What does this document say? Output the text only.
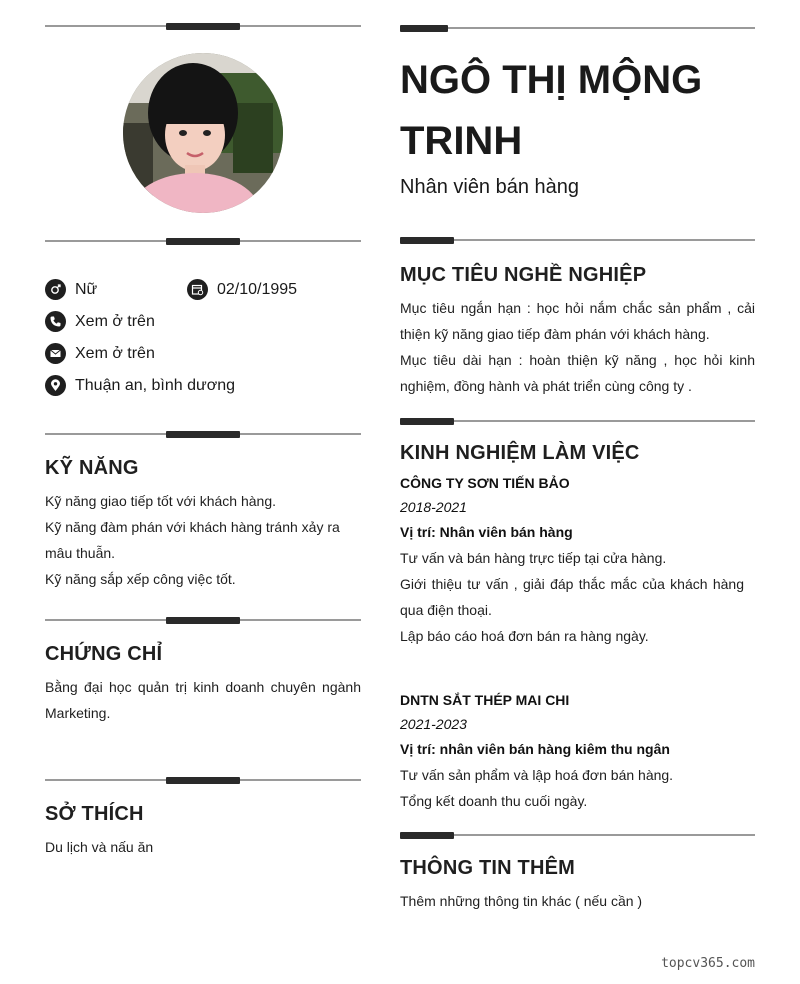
Nữ	02/10/1995
Xem ở trên
Xem ở trên
Thuận an, bình dương
KỸ NĂNG

Kỹ năng giao tiếp tốt với khách hàng.

Kỹ năng đàm phán với khách hàng tránh xảy ra mâu thuẫn.

Kỹ năng sắp xếp công việc tốt.

CHỨNG CHỈ

Bằng đại học quản trị kinh doanh chuyên ngành Marketing.

SỞ THÍCH

Du lịch và nấu ăn

NGÔ THỊ MỘNG
TRINH
Nhân viên bán hàng
MỤC TIÊU NGHỀ NGHIỆP

Mục tiêu ngắn hạn : học hỏi nắm chắc sản phẩm , cải thiện kỹ năng giao tiếp đàm phán với khách hàng.

Mục tiêu dài hạn : hoàn thiện kỹ năng , học hỏi kinh nghiệm, đồng hành và phát triển cùng công ty .

KINH NGHIỆM LÀM VIỆC
CÔNG TY SƠN TIẾN BẢO
2018-2021
Vị trí: Nhân viên bán hàng

Tư vấn và bán hàng trực tiếp tại cửa hàng.

Giới thiệu tư vấn , giải đáp thắc mắc của khách hàng qua điện thoại.

Lập báo cáo hoá đơn bán ra hàng ngày.

DNTN SẮT THÉP MAI CHI
2021-2023
Vị trí: nhân viên bán hàng kiêm thu ngân

Tư vấn sản phẩm và lập hoá đơn bán hàng.

Tổng kết doanh thu cuối ngày.

THÔNG TIN THÊM

Thêm những thông tin khác ( nếu cần )

topcv365.com
